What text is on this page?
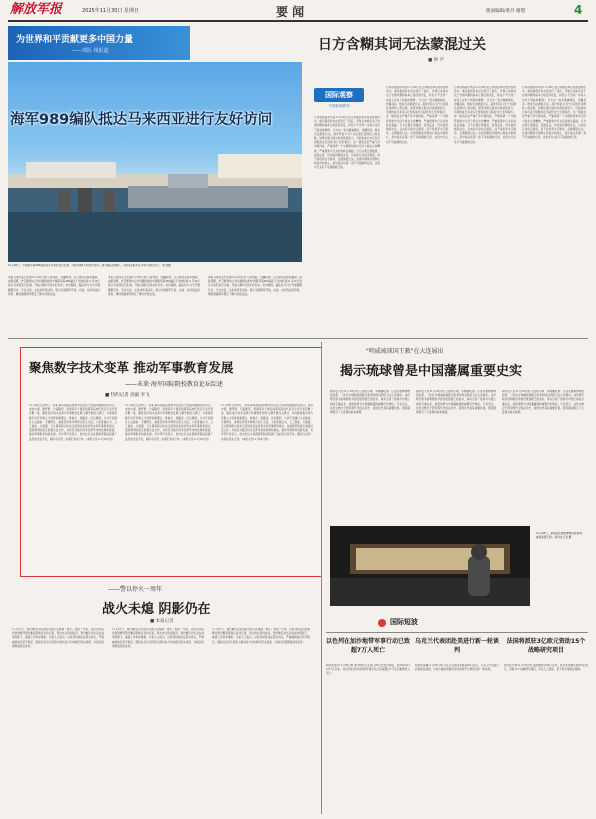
解放军报	2025年11月30日 星期日	要 闻	版面编辑/黄丹 谢璟	4
为世界和平贡献更多中国力量
——部队 线报道
海军989编队抵达马来西亚进行友好访问
11月26日，中国海军第989编队抵达马来西亚巴生港，开始为期4天的友好访问。图为编队抵港时，马来西亚海军官兵举行欢迎仪式。 刘 毅摄
本报马来西亚巴生港11月26日电 记者刘毅、何鑫报道：应马来西亚海军邀请，由驱逐舰、护卫舰和综合补给舰组成的中国海军第989编队于当地时间11月26日抵达马来西亚巴生港，开始为期4天的友好访问。访问期间，编队将与马方开展舰艇互访、专业交流、文化体育等活动，展示中国海军开放、自信、友好的良好形象，增进两国海军相互了解与传统友谊。
本报马来西亚巴生港11月26日电 记者刘毅、何鑫报道：应马来西亚海军邀请，由驱逐舰、护卫舰和综合补给舰组成的中国海军第989编队于当地时间11月26日抵达马来西亚巴生港，开始为期4天的友好访问。访问期间，编队将与马方开展舰艇互访、专业交流、文化体育等活动，展示中国海军开放、自信、友好的良好形象，增进两国海军相互了解与传统友谊。
本报马来西亚巴生港11月26日电 记者刘毅、何鑫报道：应马来西亚海军邀请，由驱逐舰、护卫舰和综合补给舰组成的中国海军第989编队于当地时间11月26日抵达马来西亚巴生港，开始为期4天的友好访问。访问期间，编队将与马方开展舰艇互访、专业交流、文化体育等活动，展示中国海军开放、自信、友好的良好形象，增进两国海军相互了解与传统友谊。
日方含糊其词无法蒙混过关
■ 钟 声
国际观察
中国新闻系列
日本首相高市早苗11月26日在日本国会举行的党首辩论中，就其错误涉台言论进行了回应，声称日本政府关于台湾问题的基本立场没有改变，并表示'不会进一步深入讨论个别具体事例'。日方这一表态避重就轻、含糊其词，根本无法蒙混过关。高市早苗11月7日在国会答辩时公然宣称，如果中国大陆对台湾使用武力，可能构成日本可以行使集体自卫权的'存亡危机事态'。这一错误言论严重干涉中国内政，严重违背一个中国原则和中日四个政治文件精神，严重损害中日关系的政治基础。日方必须正视错误、深刻反省，切实收回错误言论，以实际行动纠正错误，而不是玩弄文字游戏、企图蒙混过关。台湾问题是中国核心利益中的核心，是中美关系第一条不可逾越的红线，也是中日关系不可逾越的红线。
日本首相高市早苗11月26日在日本国会举行的党首辩论中，就其错误涉台言论进行了回应，声称日本政府关于台湾问题的基本立场没有改变，并表示'不会进一步深入讨论个别具体事例'。日方这一表态避重就轻、含糊其词，根本无法蒙混过关。高市早苗11月7日在国会答辩时公然宣称，如果中国大陆对台湾使用武力，可能构成日本可以行使集体自卫权的'存亡危机事态'。这一错误言论严重干涉中国内政，严重违背一个中国原则和中日四个政治文件精神，严重损害中日关系的政治基础。日方必须正视错误、深刻反省，切实收回错误言论，以实际行动纠正错误，而不是玩弄文字游戏、企图蒙混过关。台湾问题是中国核心利益中的核心，是中美关系第一条不可逾越的红线，也是中日关系不可逾越的红线。
日本首相高市早苗11月26日在日本国会举行的党首辩论中，就其错误涉台言论进行了回应，声称日本政府关于台湾问题的基本立场没有改变，并表示'不会进一步深入讨论个别具体事例'。日方这一表态避重就轻、含糊其词，根本无法蒙混过关。高市早苗11月7日在国会答辩时公然宣称，如果中国大陆对台湾使用武力，可能构成日本可以行使集体自卫权的'存亡危机事态'。这一错误言论严重干涉中国内政，严重违背一个中国原则和中日四个政治文件精神，严重损害中日关系的政治基础。日方必须正视错误、深刻反省，切实收回错误言论，以实际行动纠正错误，而不是玩弄文字游戏、企图蒙混过关。台湾问题是中国核心利益中的核心，是中美关系第一条不可逾越的红线，也是中日关系不可逾越的红线。
日本首相高市早苗11月26日在日本国会举行的党首辩论中，就其错误涉台言论进行了回应，声称日本政府关于台湾问题的基本立场没有改变，并表示'不会进一步深入讨论个别具体事例'。日方这一表态避重就轻、含糊其词，根本无法蒙混过关。高市早苗11月7日在国会答辩时公然宣称，如果中国大陆对台湾使用武力，可能构成日本可以行使集体自卫权的'存亡危机事态'。这一错误言论严重干涉中国内政，严重违背一个中国原则和中日四个政治文件精神，严重损害中日关系的政治基础。日方必须正视错误、深刻反省，切实收回错误言论，以实际行动纠正错误，而不是玩弄文字游戏、企图蒙混过关。台湾问题是中国核心利益中的核心，是中美关系第一条不可逾越的红线，也是中日关系不可逾越的红线。
聚焦数字技术变革 推动军事教育发展
——未来·海军国际院校教育论坛综述
■ 特约记者 高毅 李飞
11月26日至28日，未来·海军国际院校教育论坛在大连海军舰艇学院举行。来自中国、俄罗斯、巴基斯坦、泰国等多个国家的海军院校代表及专家学者齐聚一堂，围绕'数字技术变革与军事教育发展'主题开展深入研讨，共同探索数字时代军事人才培养的新理念、新模式、新路径。论坛期间，与会代表通过主旨演讲、专题研讨、参观见学等多种形式深入交流。大家普遍认为，人工智能、大数据、云计算等新兴技术正深刻改变战争形态和军事教育模式，各国海军院校应加强交流合作，共同应对数字技术变革带来的机遇和挑战，推动军事教育创新发展。有外军代表表示，此次论坛为各国海军院校搭建了良好的交流平台，期待今后进一步深化务实合作。(本报大连11月29日电)
11月26日至28日，未来·海军国际院校教育论坛在大连海军舰艇学院举行。来自中国、俄罗斯、巴基斯坦、泰国等多个国家的海军院校代表及专家学者齐聚一堂，围绕'数字技术变革与军事教育发展'主题开展深入研讨，共同探索数字时代军事人才培养的新理念、新模式、新路径。论坛期间，与会代表通过主旨演讲、专题研讨、参观见学等多种形式深入交流。大家普遍认为，人工智能、大数据、云计算等新兴技术正深刻改变战争形态和军事教育模式，各国海军院校应加强交流合作，共同应对数字技术变革带来的机遇和挑战，推动军事教育创新发展。有外军代表表示，此次论坛为各国海军院校搭建了良好的交流平台，期待今后进一步深化务实合作。(本报大连11月29日电)
11月26日至28日，未来·海军国际院校教育论坛在大连海军舰艇学院举行。来自中国、俄罗斯、巴基斯坦、泰国等多个国家的海军院校代表及专家学者齐聚一堂，围绕'数字技术变革与军事教育发展'主题开展深入研讨，共同探索数字时代军事人才培养的新理念、新模式、新路径。论坛期间，与会代表通过主旨演讲、专题研讨、参观见学等多种形式深入交流。大家普遍认为，人工智能、大数据、云计算等新兴技术正深刻改变战争形态和军事教育模式，各国海军院校应加强交流合作，共同应对数字技术变革带来的机遇和挑战，推动军事教育创新发展。有外军代表表示，此次论坛为各国海军院校搭建了良好的交流平台，期待今后进一步深化务实合作。(本报大连11月29日电)
"明威琉球国王敕"在大连展出
揭示琉球曾是中国藩属重要史实
新华社大连11月29日电 记者郭宇靖、李晓鹏报道：记者从旅顺博物馆获悉，一件名为'明威琉球国王敕'的珍贵文物近日在大连展出。这件明代敕书是明朝皇帝颁给琉球国王的诏书，真实记录了琉球与中国之间的宗藩关系，是琉球曾为中国藩属国的重要历史物证。专家表示，这件文物对于研究明代中琉关系史、琉球历史具有重要价值。展览期间吸引了大量观众前来参观。
新华社大连11月29日电 记者郭宇靖、李晓鹏报道：记者从旅顺博物馆获悉，一件名为'明威琉球国王敕'的珍贵文物近日在大连展出。这件明代敕书是明朝皇帝颁给琉球国王的诏书，真实记录了琉球与中国之间的宗藩关系，是琉球曾为中国藩属国的重要历史物证。专家表示，这件文物对于研究明代中琉关系史、琉球历史具有重要价值。展览期间吸引了大量观众前来参观。
新华社大连11月29日电 记者郭宇靖、李晓鹏报道：记者从旅顺博物馆获悉，一件名为'明威琉球国王敕'的珍贵文物近日在大连展出。这件明代敕书是明朝皇帝颁给琉球国王的诏书，真实记录了琉球与中国之间的宗藩关系，是琉球曾为中国藩属国的重要历史物证。专家表示，这件文物对于研究明代中琉关系史、琉球历史具有重要价值。展览期间吸引了大量观众前来参观。
11月28日，参观者在旅顺博物馆观看'明威琉球国王敕'。新华社记者 摄
——警以停火一周年
战火未熄 阴影仍在
■ 本报记者
11月27日，黎巴嫩与以色列停火协议生效满一周年。然而一年来，以色列军队仍然频繁对黎巴嫩南部地区发动空袭，停火协议形同虚设。黎巴嫩民众生活在战争阴影下，重建工作举步维艰。分析人士指出，以色列持续违反停火协议，严重威胁地区和平稳定，国际社会应共同努力推动各方切实履行停火承诺，为地区局势降温创造条件。
11月27日，黎巴嫩与以色列停火协议生效满一周年。然而一年来，以色列军队仍然频繁对黎巴嫩南部地区发动空袭，停火协议形同虚设。黎巴嫩民众生活在战争阴影下，重建工作举步维艰。分析人士指出，以色列持续违反停火协议，严重威胁地区和平稳定，国际社会应共同努力推动各方切实履行停火承诺，为地区局势降温创造条件。
11月27日，黎巴嫩与以色列停火协议生效满一周年。然而一年来，以色列军队仍然频繁对黎巴嫩南部地区发动空袭，停火协议形同虚设。黎巴嫩民众生活在战争阴影下，重建工作举步维艰。分析人士指出，以色列持续违反停火协议，严重威胁地区和平稳定，国际社会应共同努力推动各方切实履行停火承诺，为地区局势降温创造条件。
国际短波
以色列在加沙地带军事行动已致超7万人死亡
新华社加沙11月29日电 加沙地带卫生部门29日发表声明说，自2023年10月7日以来，以色列在加沙地带的军事行动已造成超过7万名巴勒斯坦人死亡。
乌克兰代表团赴美进行新一轮谈判
新华社基辅11月29日电 乌克兰总统泽连斯基29日表示，乌克兰代表团已启程前往美国，与美方就结束俄乌冲突的和平计划进行新一轮谈判。
法国将派驻3亿欧元资助15个战略研究项目
新华社巴黎11月29日电 法国国防部29日宣布，将在未来数年拨款3亿欧元，资助15个战略研究项目，涉及人工智能、量子技术等前沿领域。
